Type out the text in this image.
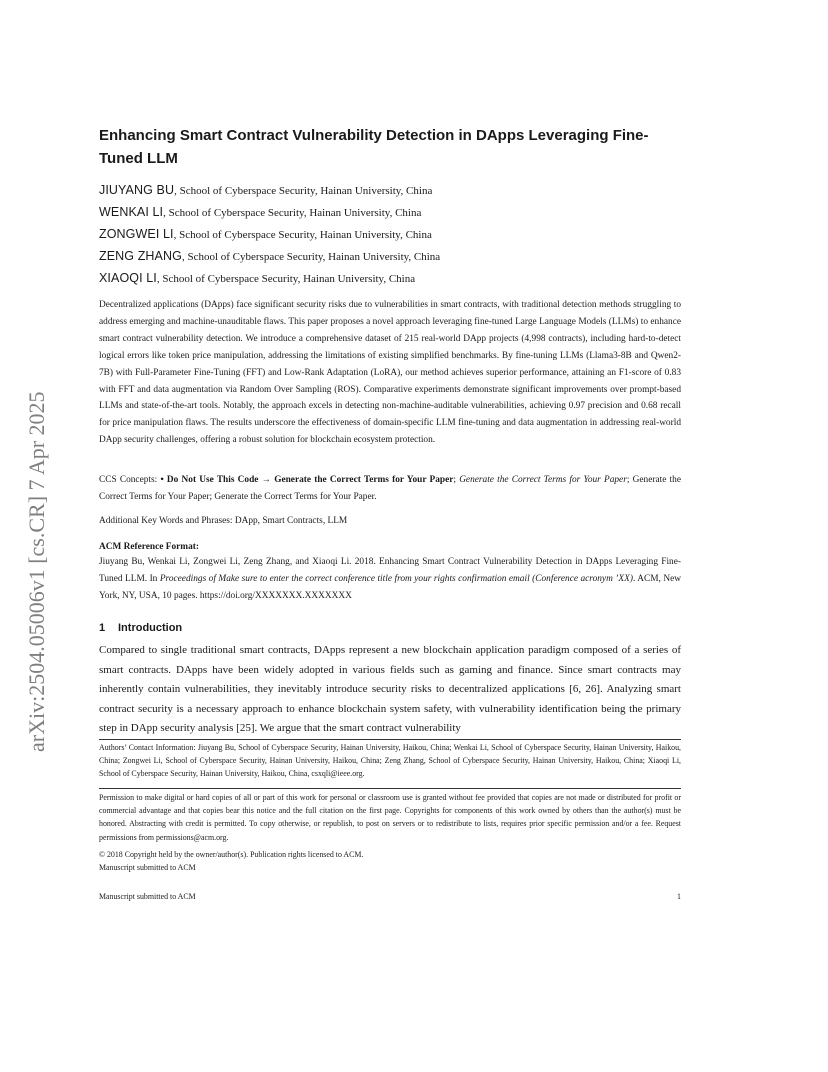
arXiv:2504.05006v1 [cs.CR] 7 Apr 2025
Enhancing Smart Contract Vulnerability Detection in DApps Leveraging Fine-Tuned LLM
JIUYANG BU, School of Cyberspace Security, Hainan University, China
WENKAI LI, School of Cyberspace Security, Hainan University, China
ZONGWEI LI, School of Cyberspace Security, Hainan University, China
ZENG ZHANG, School of Cyberspace Security, Hainan University, China
XIAOQI LI, School of Cyberspace Security, Hainan University, China

Decentralized applications (DApps) face significant security risks due to vulnerabilities in smart contracts, with traditional detection methods struggling to address emerging and machine-unauditable flaws. This paper proposes a novel approach leveraging fine-tuned Large Language Models (LLMs) to enhance smart contract vulnerability detection. We introduce a comprehensive dataset of 215 real-world DApp projects (4,998 contracts), including hard-to-detect logical errors like token price manipulation, addressing the limitations of existing simplified benchmarks. By fine-tuning LLMs (Llama3-8B and Qwen2-7B) with Full-Parameter Fine-Tuning (FFT) and Low-Rank Adaptation (LoRA), our method achieves superior performance, attaining an F1-score of 0.83 with FFT and data augmentation via Random Over Sampling (ROS). Comparative experiments demonstrate significant improvements over prompt-based LLMs and state-of-the-art tools. Notably, the approach excels in detecting non-machine-auditable vulnerabilities, achieving 0.97 precision and 0.68 recall for price manipulation flaws. The results underscore the effectiveness of domain-specific LLM fine-tuning and data augmentation in addressing real-world DApp security challenges, offering a robust solution for blockchain ecosystem protection.

CCS Concepts: • Do Not Use This Code → Generate the Correct Terms for Your Paper; Generate the Correct Terms for Your Paper; Generate the Correct Terms for Your Paper; Generate the Correct Terms for Your Paper.

Additional Key Words and Phrases: DApp, Smart Contracts, LLM

ACM Reference Format:

Jiuyang Bu, Wenkai Li, Zongwei Li, Zeng Zhang, and Xiaoqi Li. 2018. Enhancing Smart Contract Vulnerability Detection in DApps Leveraging Fine-Tuned LLM. In Proceedings of Make sure to enter the correct conference title from your rights confirmation email (Conference acronym ’XX). ACM, New York, NY, USA, 10 pages. https://doi.org/XXXXXXX.XXXXXXX

1 Introduction

Compared to single traditional smart contracts, DApps represent a new blockchain application paradigm composed of a series of smart contracts. DApps have been widely adopted in various fields such as gaming and finance. Since smart contracts may inherently contain vulnerabilities, they inevitably introduce security risks to decentralized applications [6, 26]. Analyzing smart contract security is a necessary approach to enhance blockchain system safety, with vulnerability identification being the primary step in DApp security analysis [25]. We argue that the smart contract vulnerability

Authors’ Contact Information: Jiuyang Bu, School of Cyberspace Security, Hainan University, Haikou, China; Wenkai Li, School of Cyberspace Security, Hainan University, Haikou, China; Zongwei Li, School of Cyberspace Security, Hainan University, Haikou, China; Zeng Zhang, School of Cyberspace Security, Hainan University, Haikou, China; Xiaoqi Li, School of Cyberspace Security, Hainan University, Haikou, China, csxqli@ieee.org.

Permission to make digital or hard copies of all or part of this work for personal or classroom use is granted without fee provided that copies are not made or distributed for profit or commercial advantage and that copies bear this notice and the full citation on the first page. Copyrights for components of this work owned by others than the author(s) must be honored. Abstracting with credit is permitted. To copy otherwise, or republish, to post on servers or to redistribute to lists, requires prior specific permission and/or a fee. Request permissions from permissions@acm.org.

© 2018 Copyright held by the owner/author(s). Publication rights licensed to ACM.

Manuscript submitted to ACM

Manuscript submitted to ACM	1
